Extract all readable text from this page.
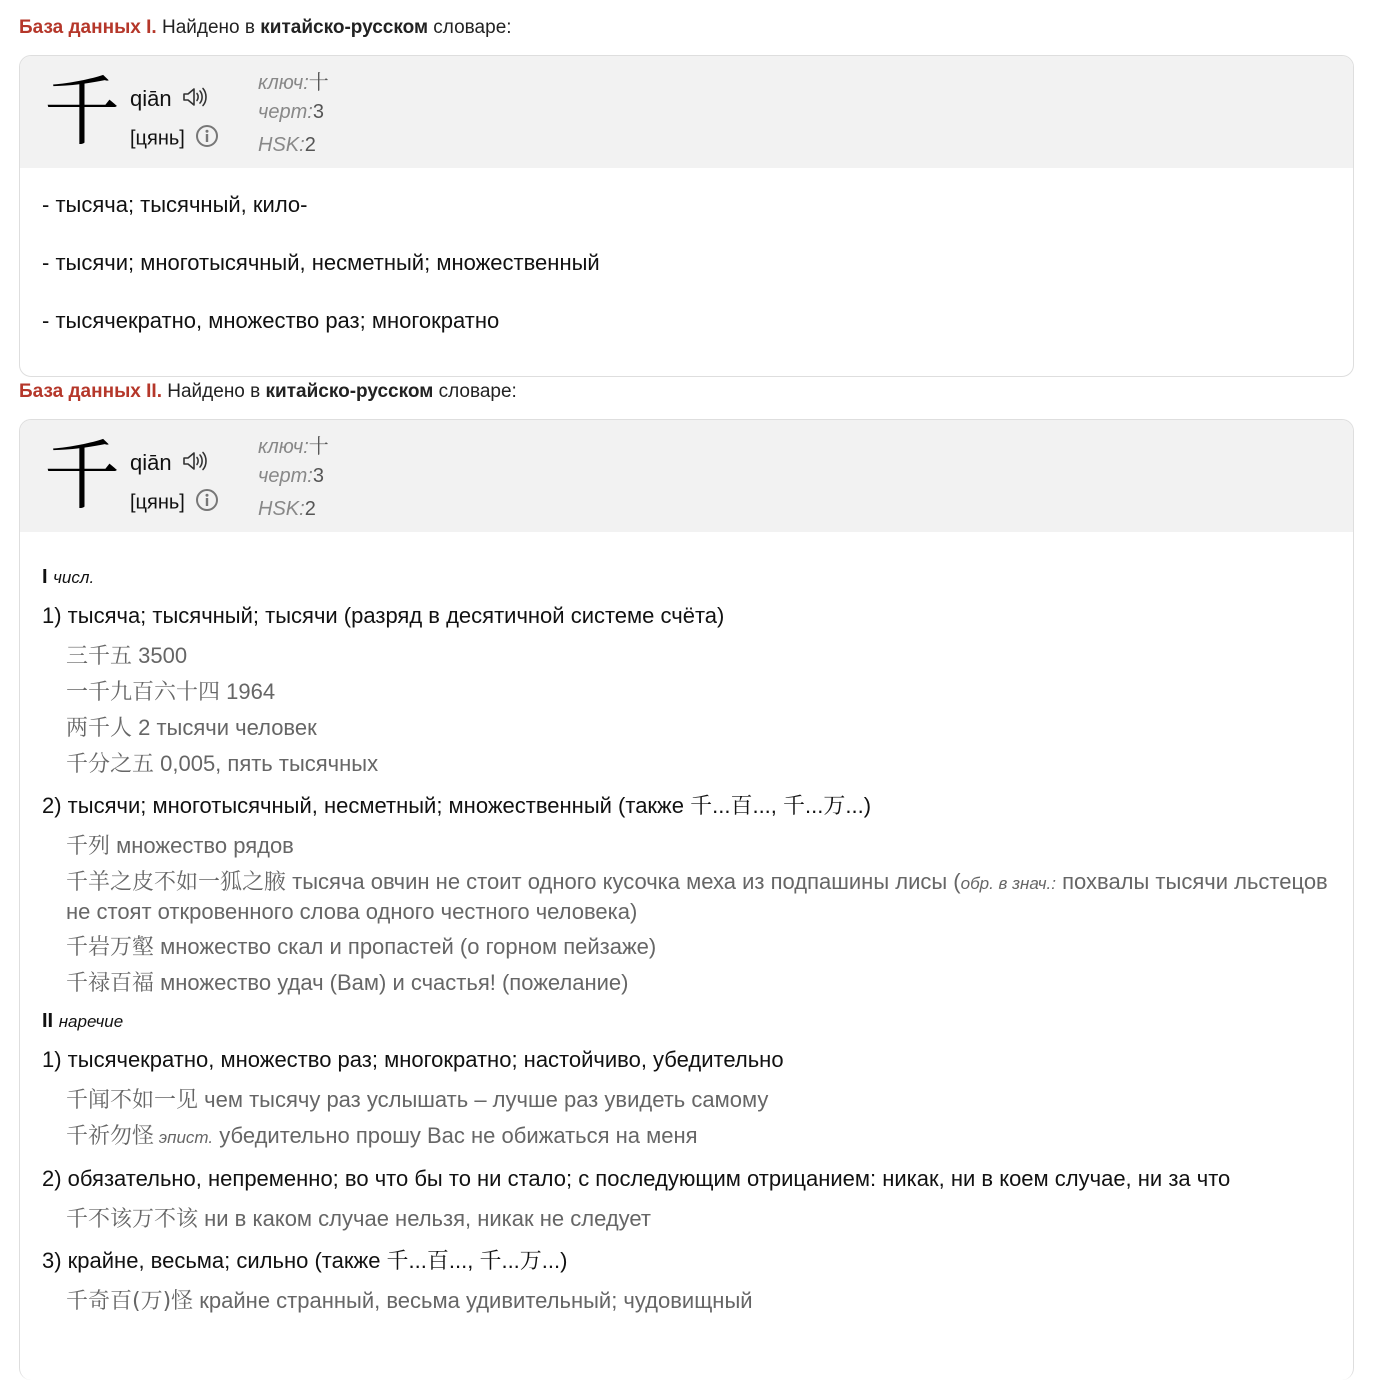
База данных I. Найдено в китайско-русском словаре:
千 qiān
[цянь]
ключ:十
черт:3
HSK:2
- тысяча; тысячный, кило-
- тысячи; многотысячный, несметный; множественный
- тысячекратно, множество раз; многократно
База данных II. Найдено в китайско-русском словаре:
千 qiān
[цянь]
ключ:十
черт:3
HSK:2
I числ.
1) тысяча; тысячный; тысячи (разряд в десятичной системе счёта)
三千五 3500
一千九百六十四 1964
两千人 2 тысячи человек
千分之五 0,005, пять тысячных
2) тысячи; многотысячный, несметный; множественный (также 千...百..., 千...万...)
千列 множество рядов
千羊之皮不如一狐之腋 тысяча овчин не стоит одного кусочка меха из подпашины лисы (обр. в знач.: похвалы тысячи льстецов не стоят откровенного слова одного честного человека)
千岩万壑 множество скал и пропастей (о горном пейзаже)
千禄百福 множество удач (Вам) и счастья! (пожелание)
II наречие
1) тысячекратно, множество раз; многократно; настойчиво, убедительно
千闻不如一见 чем тысячу раз услышать – лучше раз увидеть самому
千祈勿怪 эпист. убедительно прошу Вас не обижаться на меня
2) обязательно, непременно; во что бы то ни стало; с последующим отрицанием: никак, ни в коем случае, ни за что
千不该万不该 ни в каком случае нельзя, никак не следует
3) крайне, весьма; сильно (также 千...百..., 千...万...)
千奇百(万)怪 крайне странный, весьма удивительный; чудовищный
